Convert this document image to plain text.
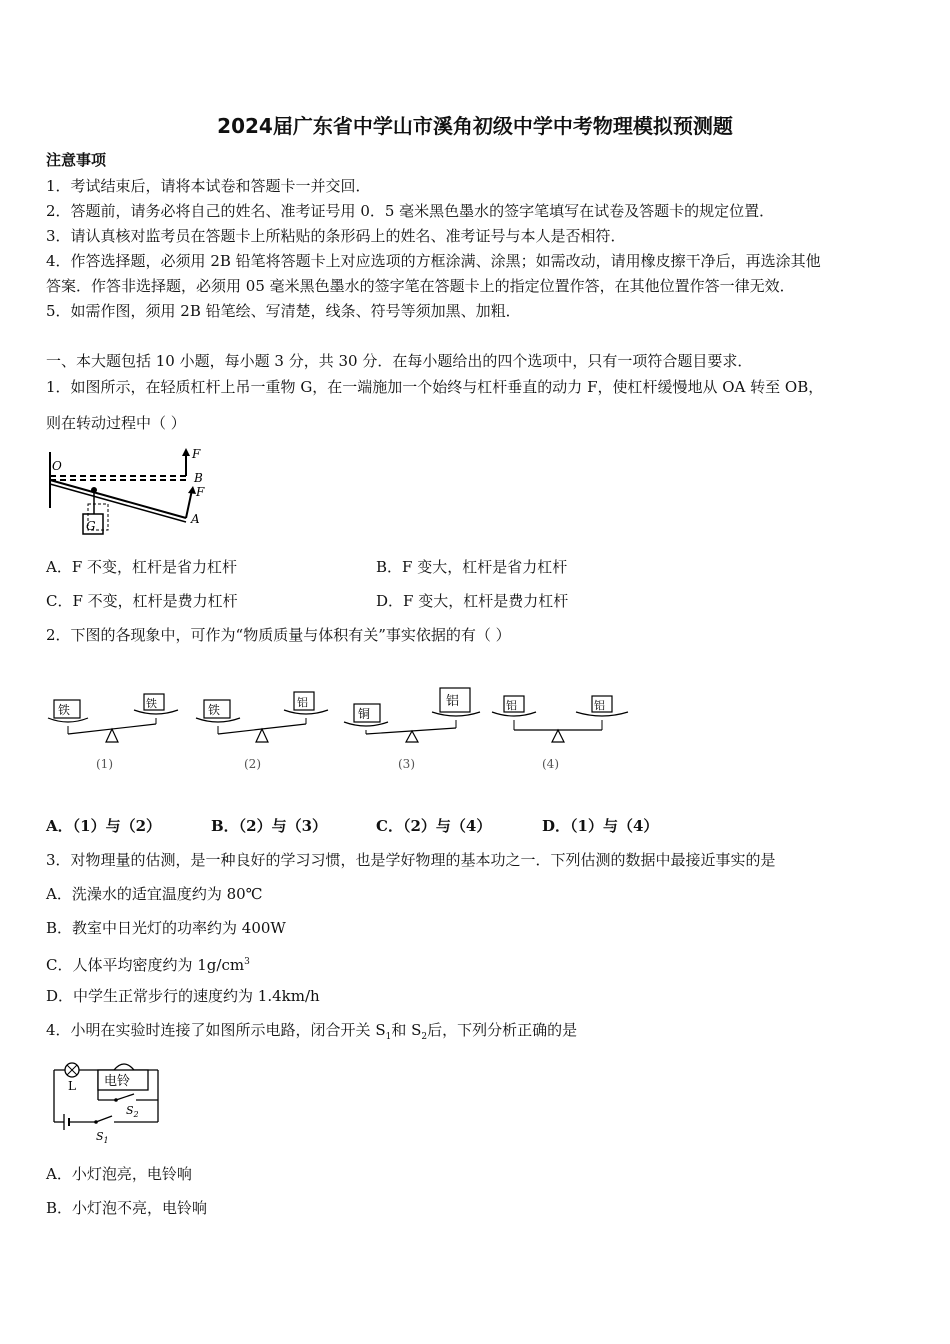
2024届广东省中学山市溪角初级中学中考物理模拟预测题
注意事项
1．考试结束后，请将本试卷和答题卡一并交回．
2．答题前，请务必将自己的姓名、准考证号用 0．5 毫米黑色墨水的签字笔填写在试卷及答题卡的规定位置．
3．请认真核对监考员在答题卡上所粘贴的条形码上的姓名、准考证号与本人是否相符．
4．作答选择题，必须用 2B 铅笔将答题卡上对应选项的方框涂满、涂黑；如需改动，请用橡皮擦干净后，再选涂其他
答案．作答非选择题，必须用 05 毫米黑色墨水的签字笔在答题卡上的指定位置作答，在其他位置作答一律无效．
5．如需作图，须用 2B 铅笔绘、写清楚，线条、符号等须加黑、加粗．
一、本大题包括 10 小题，每小题 3 分，共 30 分．在每小题给出的四个选项中，只有一项符合题目要求．
1．如图所示，在轻质杠杆上吊一重物 G，在一端施加一个始终与杠杆垂直的动力 F，使杠杆缓慢地从 OA 转至 OB，
则在转动过程中（ ）
O
B
A
F
F
G
A．F 不变，杠杆是省力杠杆	B．F 变大，杠杆是省力杠杆
C．F 不变，杠杆是费力杠杆	D．F 变大，杠杆是费力杠杆
2．下图的各现象中，可作为“物质质量与体积有关”事实依据的有（ ）
铁	铁
(1)
铁
铝
(2)
铜
铝
(3)
铝	铝
(4)
A．（1）与（2）	B．（2）与（3）	C．（2）与（4）	D．（1）与（4）
3．对物理量的估测，是一种良好的学习习惯，也是学好物理的基本功之一．下列估测的数据中最接近事实的是
A．洗澡水的适宜温度约为 80℃
B．教室中日光灯的功率约为 400W
C．人体平均密度约为 $1g/cm^3$
D．中学生正常步行的速度约为 1.4km/h
4．小明在实验时连接了如图所示电路，闭合开关 $S_1$和 $S_2$后，下列分析正确的是
L 电铃
$S_2$
$S_1$
A．小灯泡亮，电铃响
B．小灯泡不亮，电铃响
